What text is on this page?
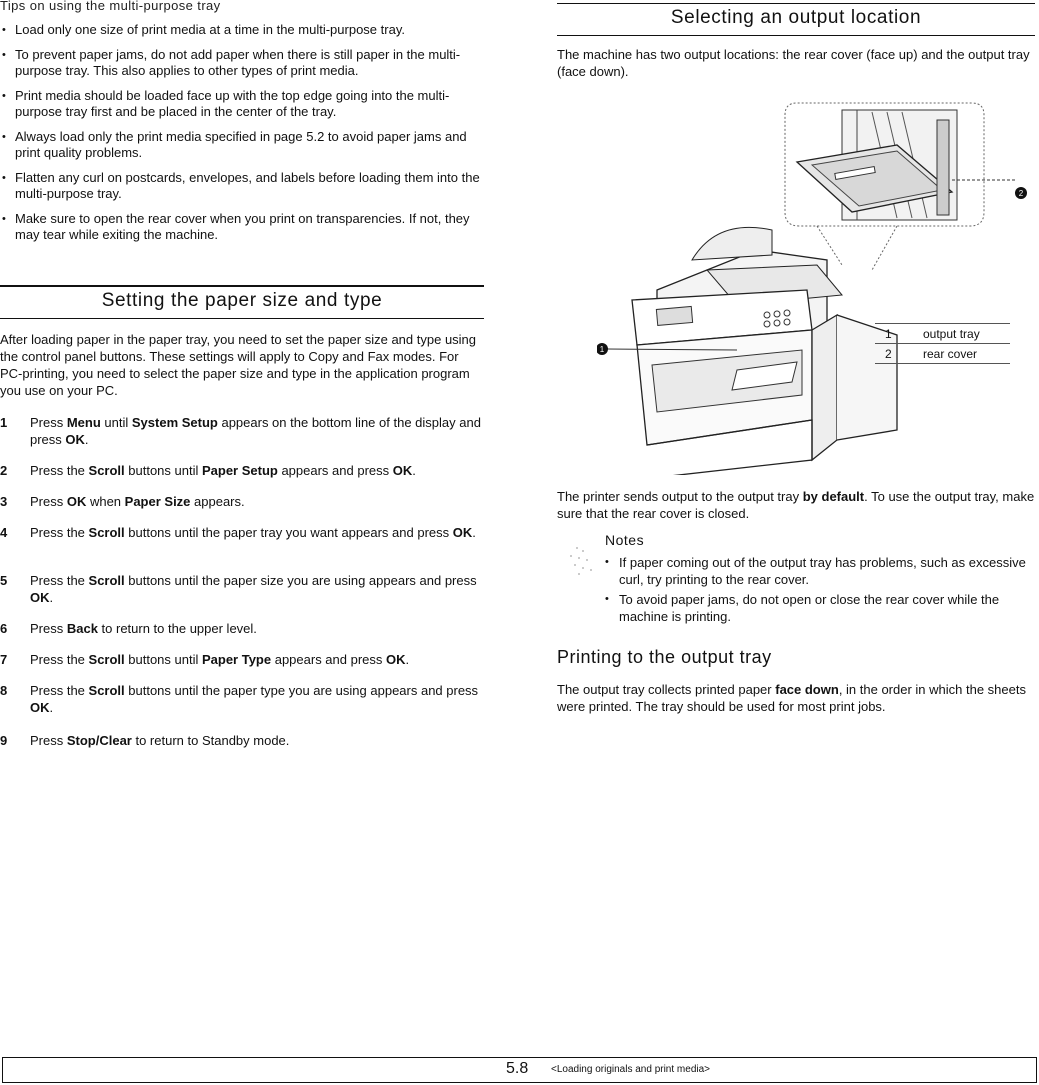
Tips on using the multi-purpose tray
• Load only one size of print media at a time in the multi-purpose tray.
• To prevent paper jams, do not add paper when there is still paper in the multi-purpose tray. This also applies to other types of print media.
• Print media should be loaded face up with the top edge going into the multi-purpose tray first and be placed in the center of the tray.
• Always load only the print media specified in page 5.2 to avoid paper jams and print quality problems.
• Flatten any curl on postcards, envelopes, and labels before loading them into the multi-purpose tray.
• Make sure to open the rear cover when you print on transparencies. If not, they may tear while exiting the machine.
Setting the paper size and type
After loading paper in the paper tray, you need to set the paper size and type using the control panel buttons. These settings will apply to Copy and Fax modes. For PC-printing, you need to select the paper size and type in the application program you use on your PC.
1 Press Menu until System Setup appears on the bottom line of the display and press OK.
2 Press the Scroll buttons until Paper Setup appears and press OK.
3 Press OK when Paper Size appears.
4 Press the Scroll buttons until the paper tray you want appears and press OK.
5 Press the Scroll buttons until the paper size you are using appears and press OK.
6 Press Back to return to the upper level.
7 Press the Scroll buttons until Paper Type appears and press OK.
8 Press the Scroll buttons until the paper type you are using appears and press OK.
9 Press Stop/Clear to return to Standby mode.
Selecting an output location
The machine has two output locations: the rear cover (face up) and the output tray (face down).
1
2
1	output tray
2	rear cover
The printer sends output to the output tray by default. To use the output tray, make sure that the rear cover is closed.
Notes
• If paper coming out of the output tray has problems, such as excessive curl, try printing to the rear cover.
• To avoid paper jams, do not open or close the rear cover while the machine is printing.
Printing to the output tray
The output tray collects printed paper face down, in the order in which the sheets were printed. The tray should be used for most print jobs.
5.8 <Loading originals and print media>
